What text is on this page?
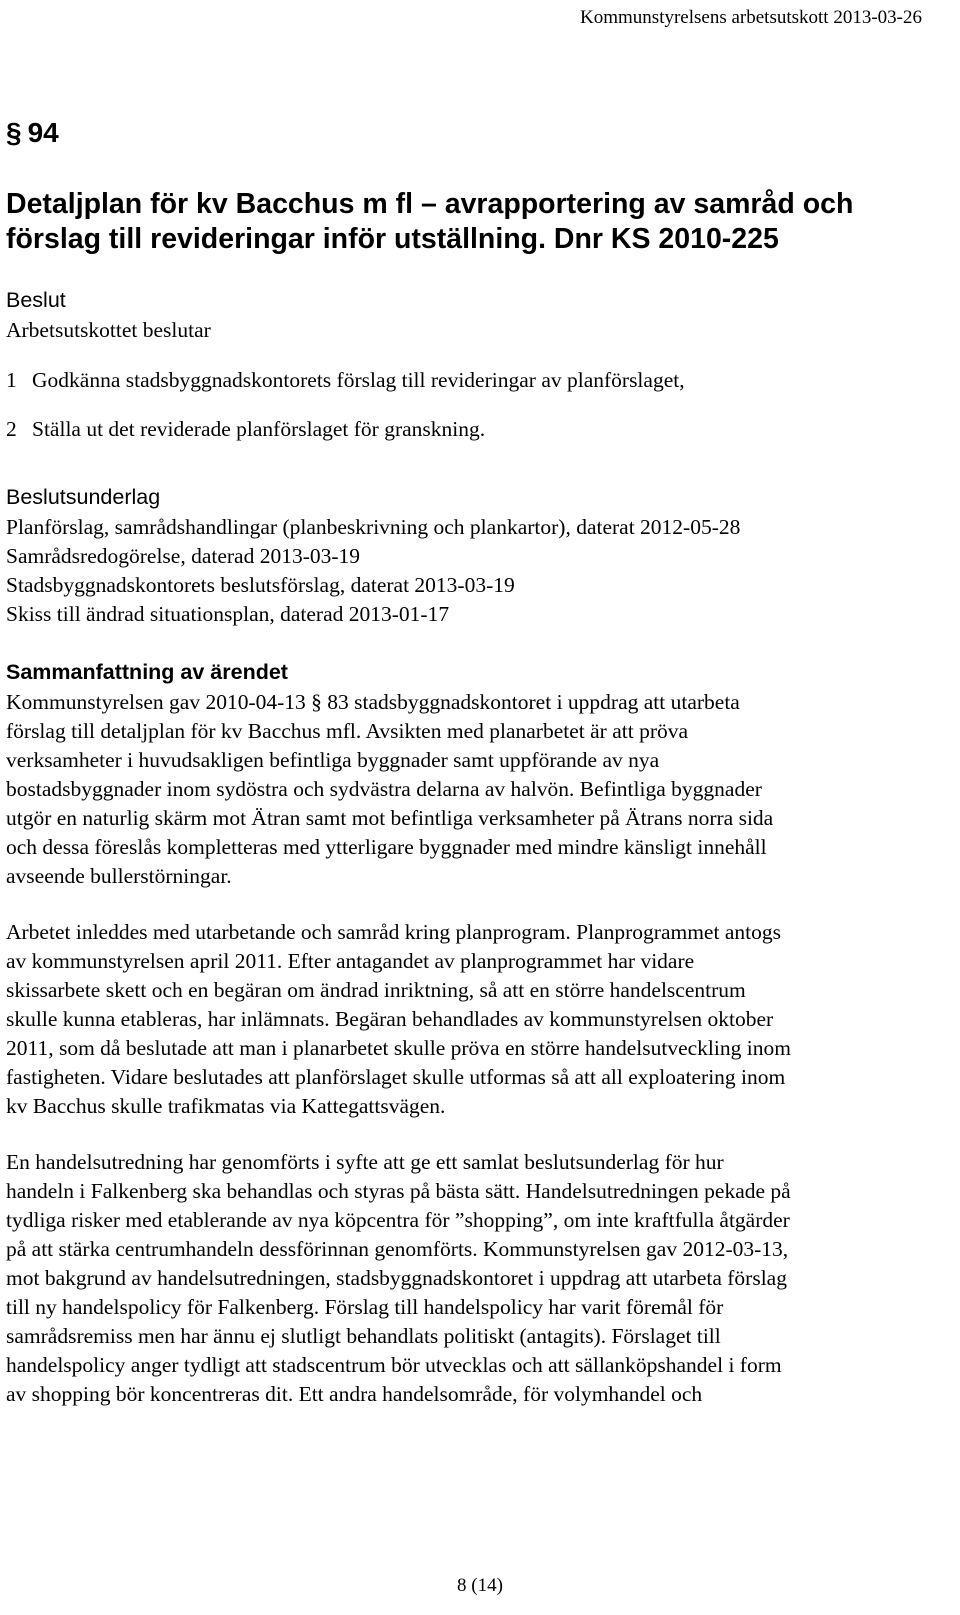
Kommunstyrelsens arbetsutskott 2013-03-26
§ 94
Detaljplan för kv Bacchus m fl – avrapportering av samråd och
förslag till revideringar inför utställning. Dnr KS 2010-225
Beslut
Arbetsutskottet beslutar
1 Godkänna stadsbyggnadskontorets förslag till revideringar av planförslaget,
2 Ställa ut det reviderade planförslaget för granskning.
Beslutsunderlag
Planförslag, samrådshandlingar (planbeskrivning och plankartor), daterat 2012-05-28
Samrådsredogörelse, daterad 2013-03-19
Stadsbyggnadskontorets beslutsförslag, daterat 2013-03-19
Skiss till ändrad situationsplan, daterad 2013-01-17
Sammanfattning av ärendet
Kommunstyrelsen gav 2010-04-13 § 83 stadsbyggnadskontoret i uppdrag att utarbeta
förslag till detaljplan för kv Bacchus mfl. Avsikten med planarbetet är att pröva
verksamheter i huvudsakligen befintliga byggnader samt uppförande av nya
bostadsbyggnader inom sydöstra och sydvästra delarna av halvön. Befintliga byggnader
utgör en naturlig skärm mot Ätran samt mot befintliga verksamheter på Ätrans norra sida
och dessa föreslås kompletteras med ytterligare byggnader med mindre känsligt innehåll
avseende bullerstörningar.
Arbetet inleddes med utarbetande och samråd kring planprogram. Planprogrammet antogs
av kommunstyrelsen april 2011. Efter antagandet av planprogrammet har vidare
skissarbete skett och en begäran om ändrad inriktning, så att en större handelscentrum
skulle kunna etableras, har inlämnats. Begäran behandlades av kommunstyrelsen oktober
2011, som då beslutade att man i planarbetet skulle pröva en större handelsutveckling inom
fastigheten. Vidare beslutades att planförslaget skulle utformas så att all exploatering inom
kv Bacchus skulle trafikmatas via Kattegattsvägen.
En handelsutredning har genomförts i syfte att ge ett samlat beslutsunderlag för hur
handeln i Falkenberg ska behandlas och styras på bästa sätt. Handelsutredningen pekade på
tydliga risker med etablerande av nya köpcentra för ”shopping”, om inte kraftfulla åtgärder
på att stärka centrumhandeln dessförinnan genomförts. Kommunstyrelsen gav 2012-03-13,
mot bakgrund av handelsutredningen, stadsbyggnadskontoret i uppdrag att utarbeta förslag
till ny handelspolicy för Falkenberg. Förslag till handelspolicy har varit föremål för
samrådsremiss men har ännu ej slutligt behandlats politiskt (antagits). Förslaget till
handelspolicy anger tydligt att stadscentrum bör utvecklas och att sällanköpshandel i form
av shopping bör koncentreras dit. Ett andra handelsområde, för volymhandel och
8 (14)
